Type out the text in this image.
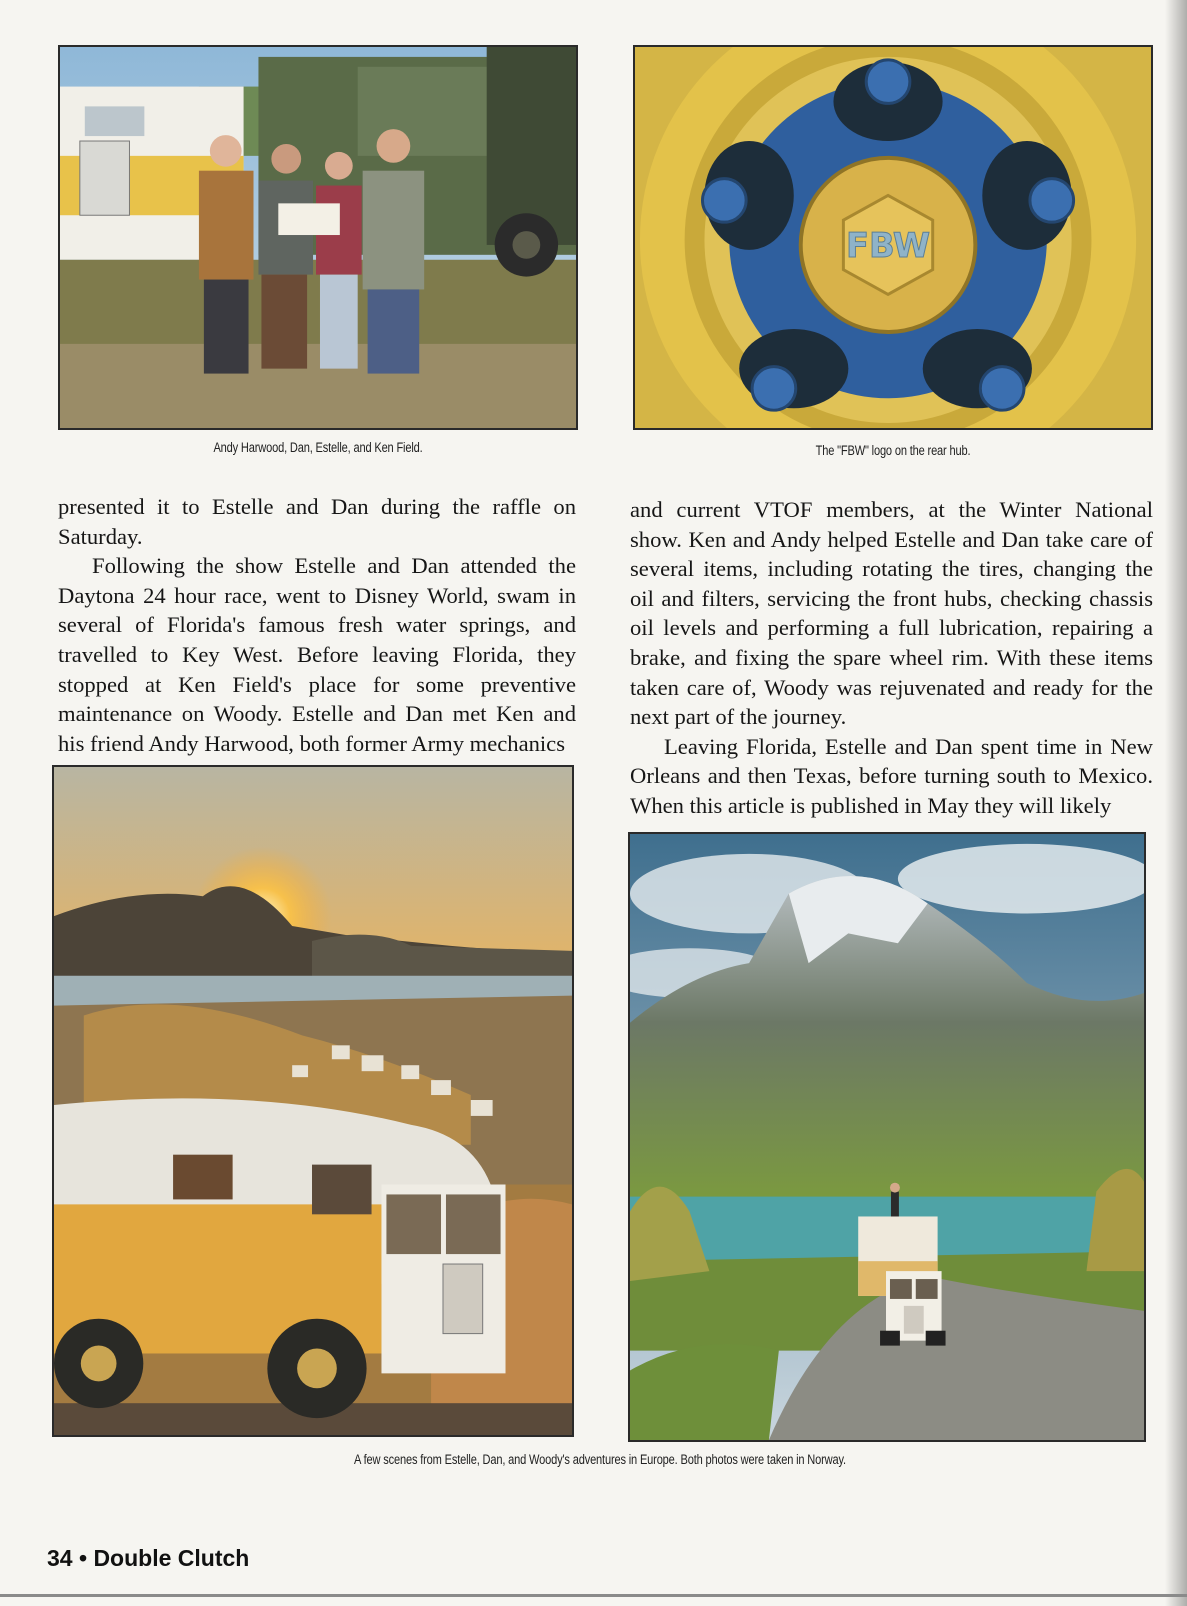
Andy Harwood, Dan, Estelle, and Ken Field.
FBW
The "FBW" logo on the rear hub.

presented it to Estelle and Dan during the raffle on Saturday.

Following the show Estelle and Dan attended the Daytona 24 hour race, went to Disney World, swam in several of Florida's famous fresh water springs, and travelled to Key West. Before leaving Florida, they stopped at Ken Field's place for some preventive maintenance on Woody. Estelle and Dan met Ken and his friend Andy Harwood, both former Army mechanics

and current VTOF members, at the Winter National show. Ken and Andy helped Estelle and Dan take care of several items, including rotating the tires, changing the oil and filters, servicing the front hubs, checking chassis oil levels and performing a full lubrication, repairing a brake, and fixing the spare wheel rim. With these items taken care of, Woody was rejuvenated and ready for the next part of the journey.

Leaving Florida, Estelle and Dan spent time in New Orleans and then Texas, before turning south to Mexico. When this article is published in May they will likely

A few scenes from Estelle, Dan, and Woody's adventures in Europe. Both photos were taken in Norway.
34 • Double Clutch
